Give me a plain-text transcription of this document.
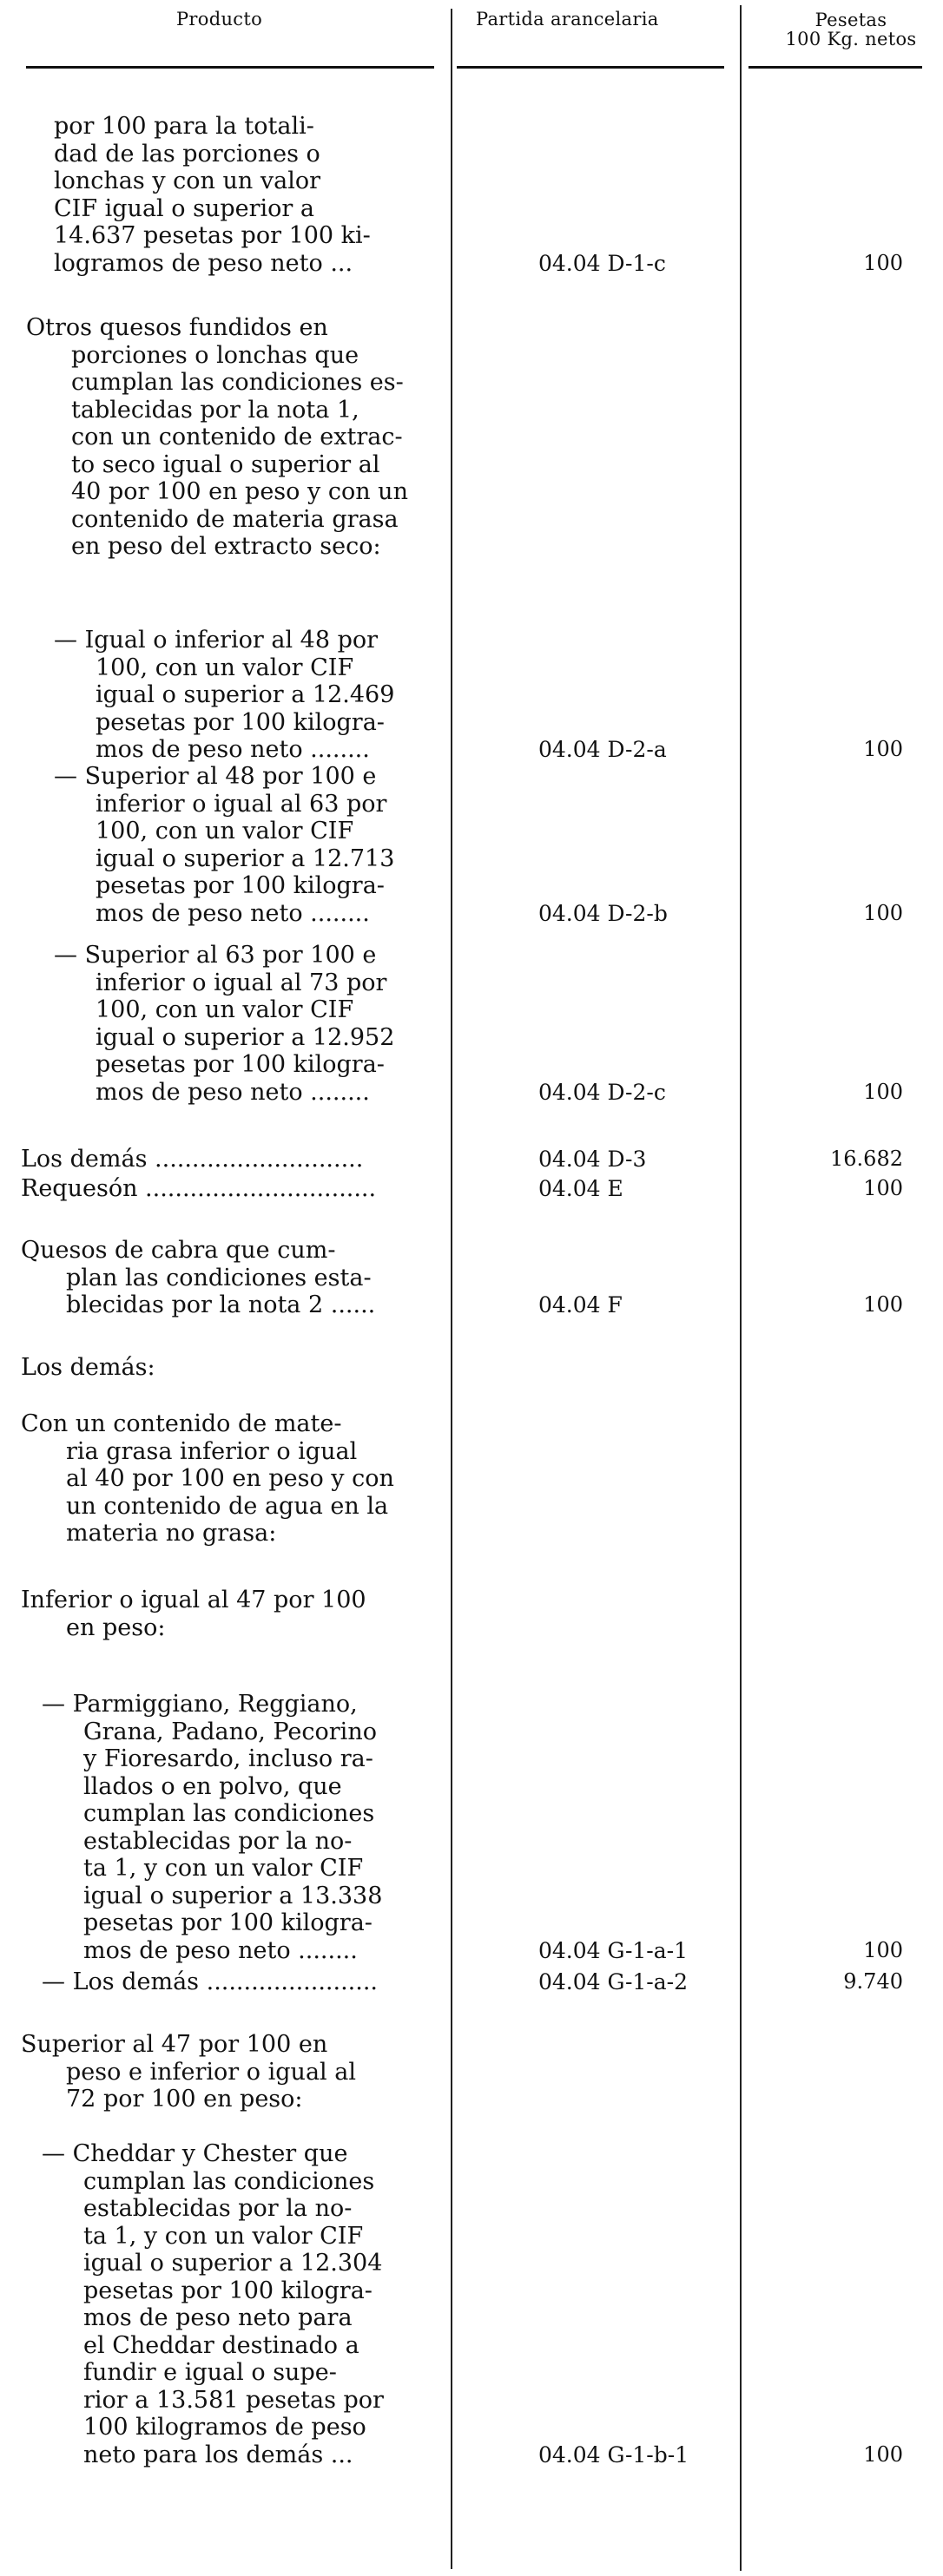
Producto	Partida arancelaria	Pesetas
100 Kg. netos
por 100 para la totali-
dad de las porciones o
lonchas y con un valor
CIF igual o superior a
14.637 pesetas por 100 ki-
logramos de peso neto ...	04.04 D-1-c	100
Otros quesos fundidos en
porciones o lonchas que
cumplan las condiciones es-
tablecidas por la nota 1,
con un contenido de extrac-
to seco igual o superior al
40 por 100 en peso y con un
contenido de materia grasa
en peso del extracto seco:
— Igual o inferior al 48 por
100, con un valor CIF
igual o superior a 12.469
pesetas por 100 kilogra-
mos de peso neto ........	04.04 D-2-a	100
— Superior al 48 por 100 e
inferior o igual al 63 por
100, con un valor CIF
igual o superior a 12.713
pesetas por 100 kilogra-
mos de peso neto ........	04.04 D-2-b	100
— Superior al 63 por 100 e
inferior o igual al 73 por
100, con un valor CIF
igual o superior a 12.952
pesetas por 100 kilogra-
mos de peso neto ........	04.04 D-2-c	100
Los demás ............................	04.04 D-3	16.682
Requesón ...............................	04.04 E	100
Quesos de cabra que cum-
plan las condiciones esta-
blecidas por la nota 2 ......	04.04 F	100
Los demás:
Con un contenido de mate-
ria grasa inferior o igual
al 40 por 100 en peso y con
un contenido de agua en la
materia no grasa:
Inferior o igual al 47 por 100
en peso:
— Parmiggiano, Reggiano,
Grana, Padano, Pecorino
y Fioresardo, incluso ra-
llados o en polvo, que
cumplan las condiciones
establecidas por la no-
ta 1, y con un valor CIF
igual o superior a 13.338
pesetas por 100 kilogra-
mos de peso neto ........	04.04 G-1-a-1	100
— Los demás .......................	04.04 G-1-a-2	9.740
Superior al 47 por 100 en
peso e inferior o igual al
72 por 100 en peso:
— Cheddar y Chester que
cumplan las condiciones
establecidas por la no-
ta 1, y con un valor CIF
igual o superior a 12.304
pesetas por 100 kilogra-
mos de peso neto para
el Cheddar destinado a
fundir e igual o supe-
rior a 13.581 pesetas por
100 kilogramos de peso
neto para los demás ...	04.04 G-1-b-1	100
